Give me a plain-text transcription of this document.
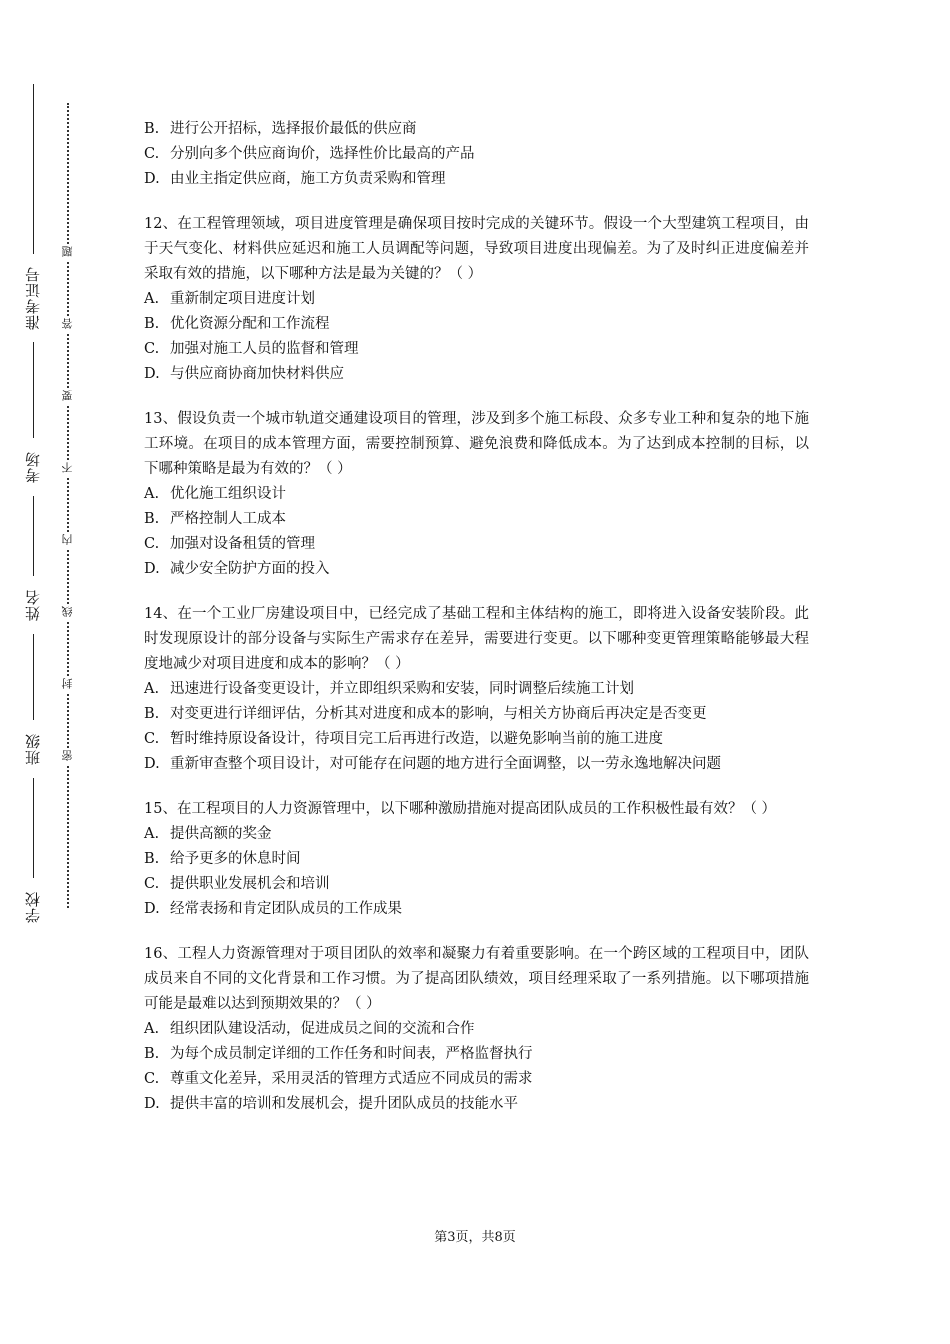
准考证号
考场
姓名
班级
学校
题
答
要
不
内
线
封
密
B. 进行公开招标，选择报价最低的供应商
C. 分别向多个供应商询价，选择性价比最高的产品
D. 由业主指定供应商，施工方负责采购和管理
12、在工程管理领域，项目进度管理是确保项目按时完成的关键环节。假设一个大型建筑工程项目，由于天气变化、材料供应延迟和施工人员调配等问题，导致项目进度出现偏差。为了及时纠正进度偏差并采取有效的措施，以下哪种方法是最为关键的？（ ）
A. 重新制定项目进度计划
B. 优化资源分配和工作流程
C. 加强对施工人员的监督和管理
D. 与供应商协商加快材料供应
13、假设负责一个城市轨道交通建设项目的管理，涉及到多个施工标段、众多专业工种和复杂的地下施工环境。在项目的成本管理方面，需要控制预算、避免浪费和降低成本。为了达到成本控制的目标，以下哪种策略是最为有效的？（ ）
A. 优化施工组织设计
B. 严格控制人工成本
C. 加强对设备租赁的管理
D. 减少安全防护方面的投入
14、在一个工业厂房建设项目中，已经完成了基础工程和主体结构的施工，即将进入设备安装阶段。此时发现原设计的部分设备与实际生产需求存在差异，需要进行变更。以下哪种变更管理策略能够最大程度地减少对项目进度和成本的影响？（ ）
A. 迅速进行设备变更设计，并立即组织采购和安装，同时调整后续施工计划
B. 对变更进行详细评估，分析其对进度和成本的影响，与相关方协商后再决定是否变更
C. 暂时维持原设备设计，待项目完工后再进行改造，以避免影响当前的施工进度
D. 重新审查整个项目设计，对可能存在问题的地方进行全面调整，以一劳永逸地解决问题
15、在工程项目的人力资源管理中，以下哪种激励措施对提高团队成员的工作积极性最有效？（ ）
A. 提供高额的奖金
B. 给予更多的休息时间
C. 提供职业发展机会和培训
D. 经常表扬和肯定团队成员的工作成果
16、工程人力资源管理对于项目团队的效率和凝聚力有着重要影响。在一个跨区域的工程项目中，团队成员来自不同的文化背景和工作习惯。为了提高团队绩效，项目经理采取了一系列措施。以下哪项措施可能是最难以达到预期效果的？（ ）
A. 组织团队建设活动，促进成员之间的交流和合作
B. 为每个成员制定详细的工作任务和时间表，严格监督执行
C. 尊重文化差异，采用灵活的管理方式适应不同成员的需求
D. 提供丰富的培训和发展机会，提升团队成员的技能水平
第3页，共8页
